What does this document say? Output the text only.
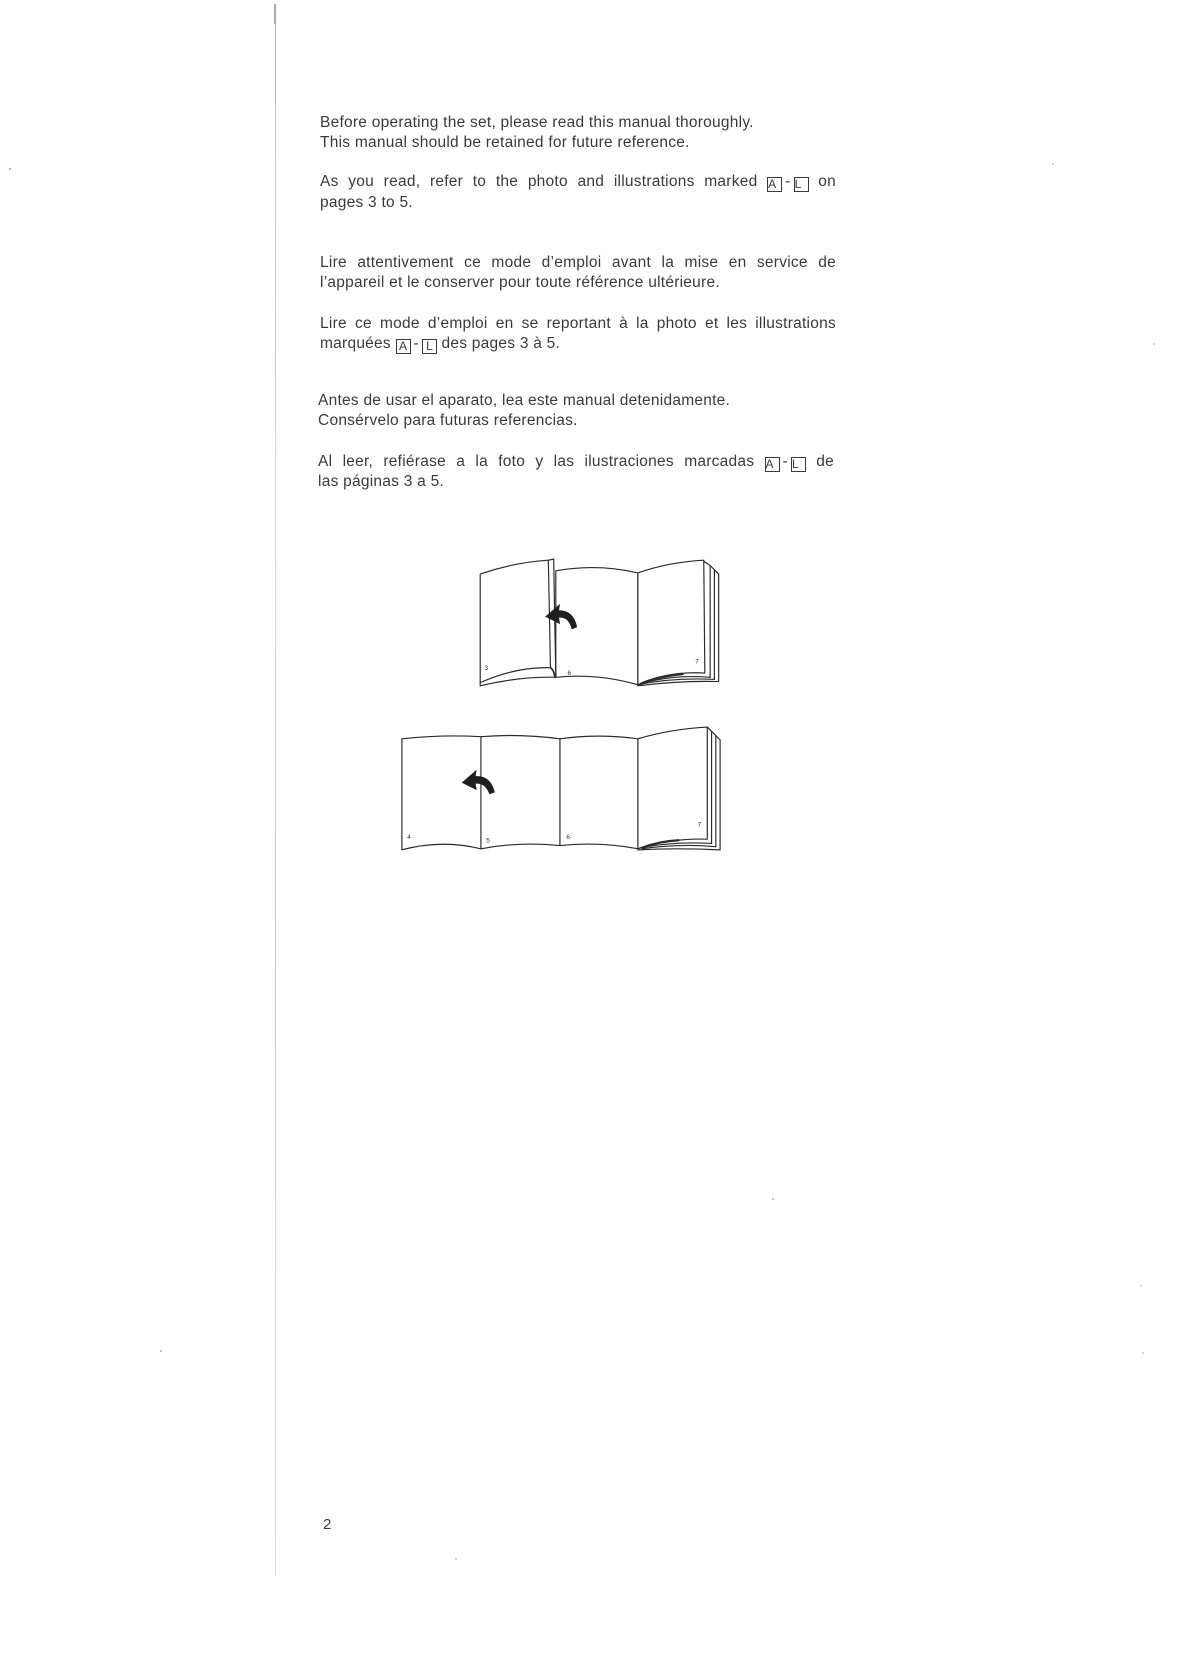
Before operating the set, please read this manual thoroughly.
This manual should be retained for future reference.
As you read, refer to the photo and illustrations marked A - L on
pages 3 to 5.
Lire attentivement ce mode d’emploi avant la mise en service de
l’appareil et le conserver pour toute référence ultérieure.
Lire ce mode d’emploi en se reportant à la photo et les illustrations
marquées A - L des pages 3 à 5.
Antes de usar el aparato, lea este manual detenidamente.
Consérvelo para futuras referencias.
Al leer, refiérase a la foto y las ilustraciones marcadas A - L de
las páginas 3 a 5.
3
6
7
4	5	6
7
2
